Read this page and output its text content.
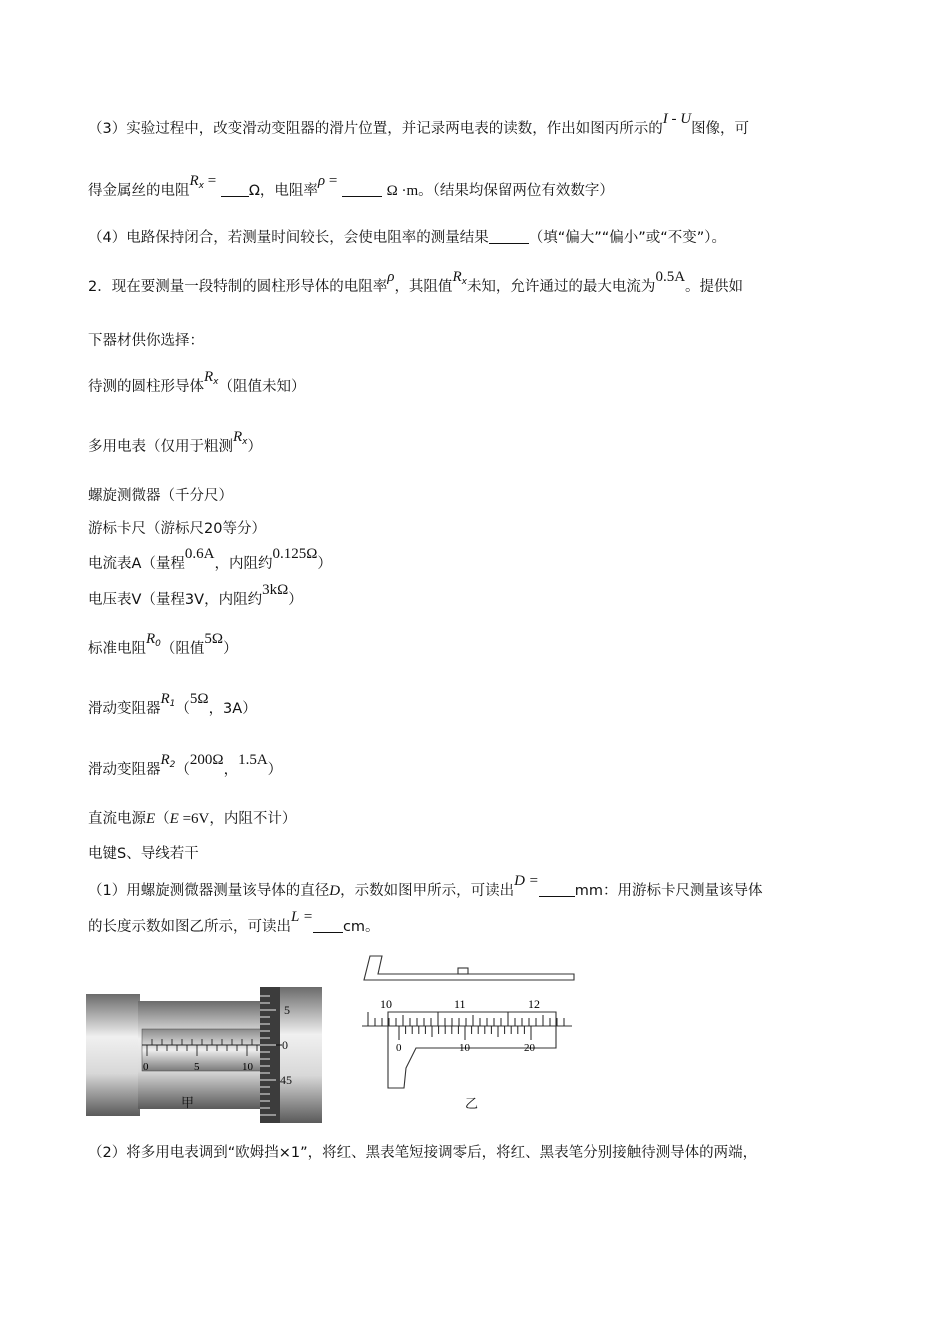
（3）实验过程中，改变滑动变阻器的滑片位置，并记录两电表的读数，作出如图丙所示的I - U图像，可
得金属丝的电阻$R_x = \Omega$，电阻率ρ =  Ω ·m。（结果均保留两位有效数字）
（4）电路保持闭合，若测量时间较长，会使电阻率的测量结果	（填“偏大”“偏小”或“不变”）。
2．现在要测量一段特制的圆柱形导体的电阻率ρ，其阻值$R_x$未知，允许通过的最大电流为0.5A。提供如
下器材供你选择：
待测的圆柱形导体$R_x$（阻值未知）
多用电表（仅用于粗测$R_x$）
螺旋测微器（千分尺）
游标卡尺（游标尺20等分）
电流表A（量程0.6A，内阻约0.125Ω）
电压表V（量程3V，内阻约3kΩ）
标准电阻$R_0$（阻值5Ω）
滑动变阻器$R_1(5\Omega$，3A）
滑动变阻器$R_2(200\Omega$，1.5A）
直流电源E（E =6V，内阻不计）
电键S、导线若干
（1）用螺旋测微器测量该导体的直径D，示数如图甲所示，可读出D =mm：用游标卡尺测量该导体
的长度示数如图乙所示，可读出L =cm。
0	5	10
5
0
45
甲
10	11	12
0	10	20
乙
（2）将多用电表调到“欧姆挡×1”，将红、黑表笔短接调零后，将红、黑表笔分别接触待测导体的两端，
